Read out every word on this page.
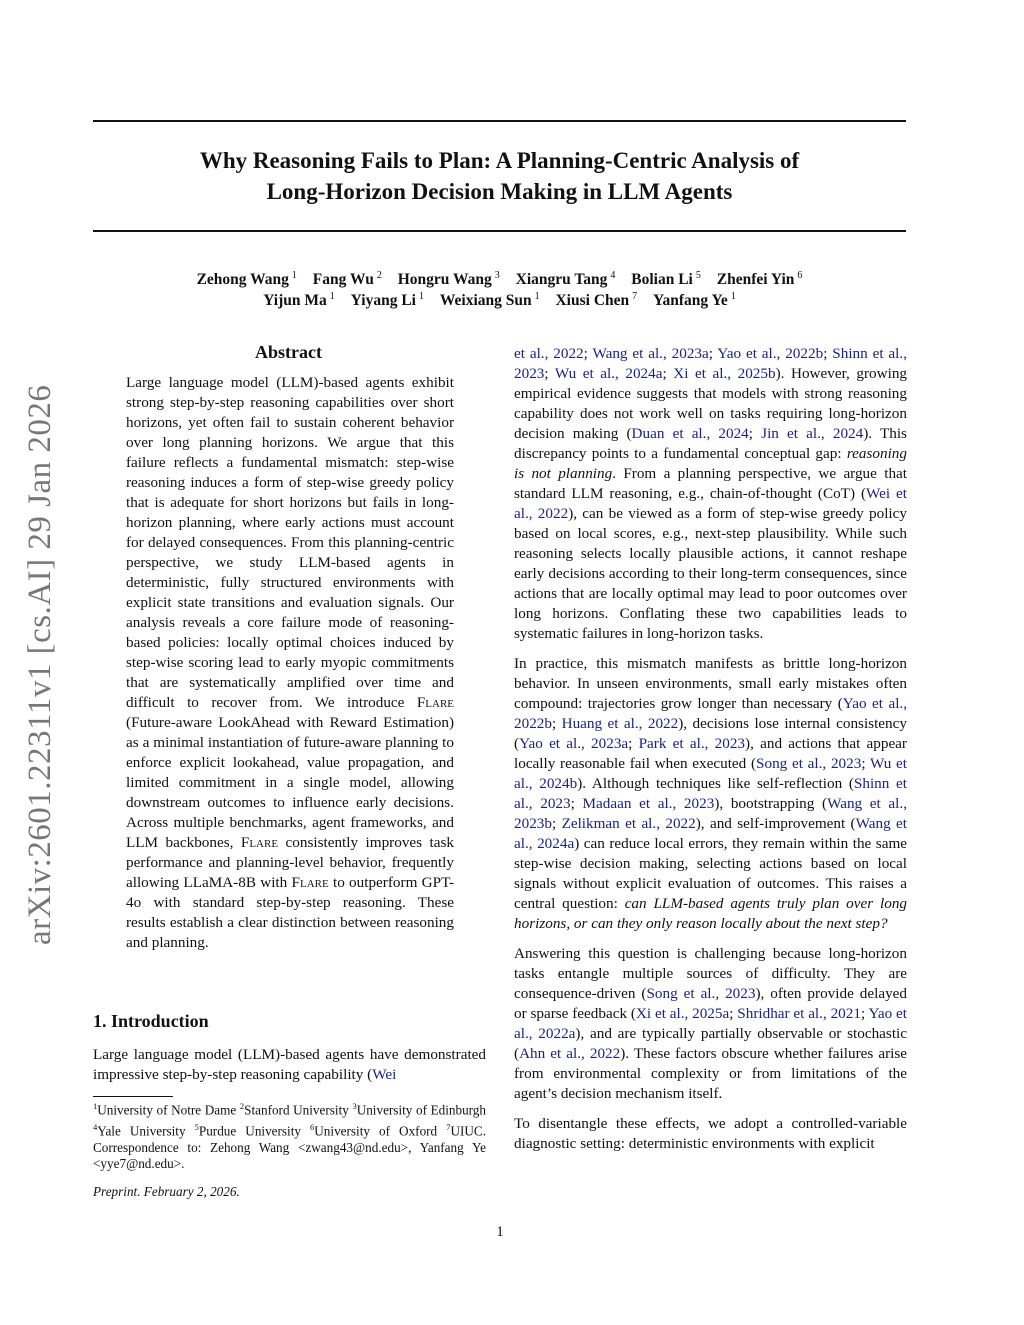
Why Reasoning Fails to Plan: A Planning-Centric Analysis of
Long-Horizon Decision Making in LLM Agents
Zehong Wang $^1$ Fang Wu $^2$ Hongru Wang $^3$ Xiangru Tang $^4$ Bolian Li $^5$ Zhenfei Yin $^6$
Yijun Ma $^1$ Yiyang Li $^1$ Weixiang Sun $^1$ Xiusi Chen $^7$ Yanfang Ye $^1$
arXiv:2601.22311v1 [cs.AI] 29 Jan 2026
Abstract
Large language model (LLM)-based agents exhibit strong step-by-step reasoning capabilities over short horizons, yet often fail to sustain coherent behavior over long planning horizons. We argue that this failure reflects a fundamental mismatch: step-wise reasoning induces a form of step-wise greedy policy that is adequate for short horizons but fails in long-horizon planning, where early actions must account for delayed consequences. From this planning-centric perspective, we study LLM-based agents in deterministic, fully structured environments with explicit state transitions and evaluation signals. Our analysis reveals a core failure mode of reasoning-based policies: locally optimal choices induced by step-wise scoring lead to early myopic commitments that are systematically amplified over time and difficult to recover from. We introduce Flare (Future-aware LookAhead with Reward Estimation) as a minimal instantiation of future-aware planning to enforce explicit lookahead, value propagation, and limited commitment in a single model, allowing downstream outcomes to influence early decisions. Across multiple benchmarks, agent frameworks, and LLM backbones, Flare consistently improves task performance and planning-level behavior, frequently allowing LLaMA-8B with Flare to outperform GPT-4o with standard step-by-step reasoning. These results establish a clear distinction between reasoning and planning.
1. Introduction
Large language model (LLM)-based agents have demonstrated impressive step-by-step reasoning capability (Wei
$^1$University of Notre Dame $^2$Stanford University $^3$University of Edinburgh $^4$Yale University $^5$Purdue University $^6$University of Oxford $^7$UIUC. Correspondence to: Zehong Wang <zwang43@nd.edu>, Yanfang Ye <yye7@nd.edu>.
Preprint. February 2, 2026.

et al., 2022; Wang et al., 2023a; Yao et al., 2022b; Shinn et al., 2023; Wu et al., 2024a; Xi et al., 2025b). However, growing empirical evidence suggests that models with strong reasoning capability does not work well on tasks requiring long-horizon decision making (Duan et al., 2024; Jin et al., 2024). This discrepancy points to a fundamental conceptual gap: reasoning is not planning. From a planning perspective, we argue that standard LLM reasoning, e.g., chain-of-thought (CoT) (Wei et al., 2022), can be viewed as a form of step-wise greedy policy based on local scores, e.g., next-step plausibility. While such reasoning selects locally plausible actions, it cannot reshape early decisions according to their long-term consequences, since actions that are locally optimal may lead to poor outcomes over long horizons. Conflating these two capabilities leads to systematic failures in long-horizon tasks.

In practice, this mismatch manifests as brittle long-horizon behavior. In unseen environments, small early mistakes often compound: trajectories grow longer than necessary (Yao et al., 2022b; Huang et al., 2022), decisions lose internal consistency (Yao et al., 2023a; Park et al., 2023), and actions that appear locally reasonable fail when executed (Song et al., 2023; Wu et al., 2024b). Although techniques like self-reflection (Shinn et al., 2023; Madaan et al., 2023), bootstrapping (Wang et al., 2023b; Zelikman et al., 2022), and self-improvement (Wang et al., 2024a) can reduce local errors, they remain within the same step-wise decision making, selecting actions based on local signals without explicit evaluation of outcomes. This raises a central question: can LLM-based agents truly plan over long horizons, or can they only reason locally about the next step?

Answering this question is challenging because long-horizon tasks entangle multiple sources of difficulty. They are consequence-driven (Song et al., 2023), often provide delayed or sparse feedback (Xi et al., 2025a; Shridhar et al., 2021; Yao et al., 2022a), and are typically partially observable or stochastic (Ahn et al., 2022). These factors obscure whether failures arise from environmental complexity or from limitations of the agent’s decision mechanism itself.

To disentangle these effects, we adopt a controlled-variable diagnostic setting: deterministic environments with explicit

1
